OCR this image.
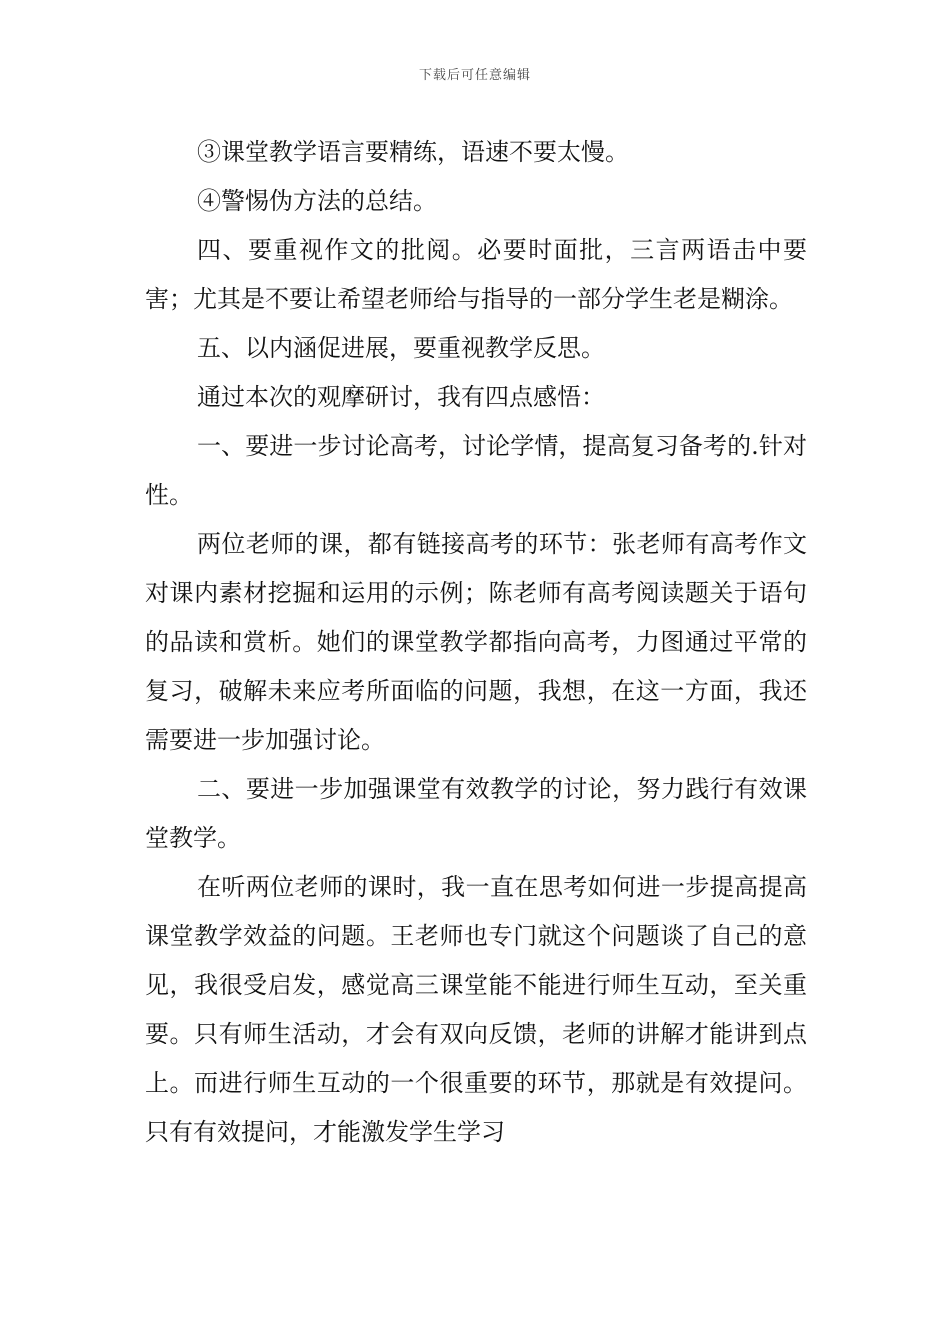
下载后可任意编辑

③课堂教学语言要精练，语速不要太慢。

④警惕伪方法的总结。

四、要重视作文的批阅。必要时面批，三言两语击中要害；尤其是不要让希望老师给与指导的一部分学生老是糊涂。

五、以内涵促进展，要重视教学反思。

通过本次的观摩研讨，我有四点感悟：

一、要进一步讨论高考，讨论学情，提高复习备考的.针对性。

两位老师的课，都有链接高考的环节：张老师有高考作文对课内素材挖掘和运用的示例；陈老师有高考阅读题关于语句的品读和赏析。她们的课堂教学都指向高考，力图通过平常的复习，破解未来应考所面临的问题，我想，在这一方面，我还需要进一步加强讨论。

二、要进一步加强课堂有效教学的讨论，努力践行有效课堂教学。

在听两位老师的课时，我一直在思考如何进一步提高提高课堂教学效益的问题。王老师也专门就这个问题谈了自己的意见，我很受启发，感觉高三课堂能不能进行师生互动，至关重要。只有师生活动，才会有双向反馈，老师的讲解才能讲到点上。而进行师生互动的一个很重要的环节，那就是有效提问。只有有效提问，才能激发学生学习
